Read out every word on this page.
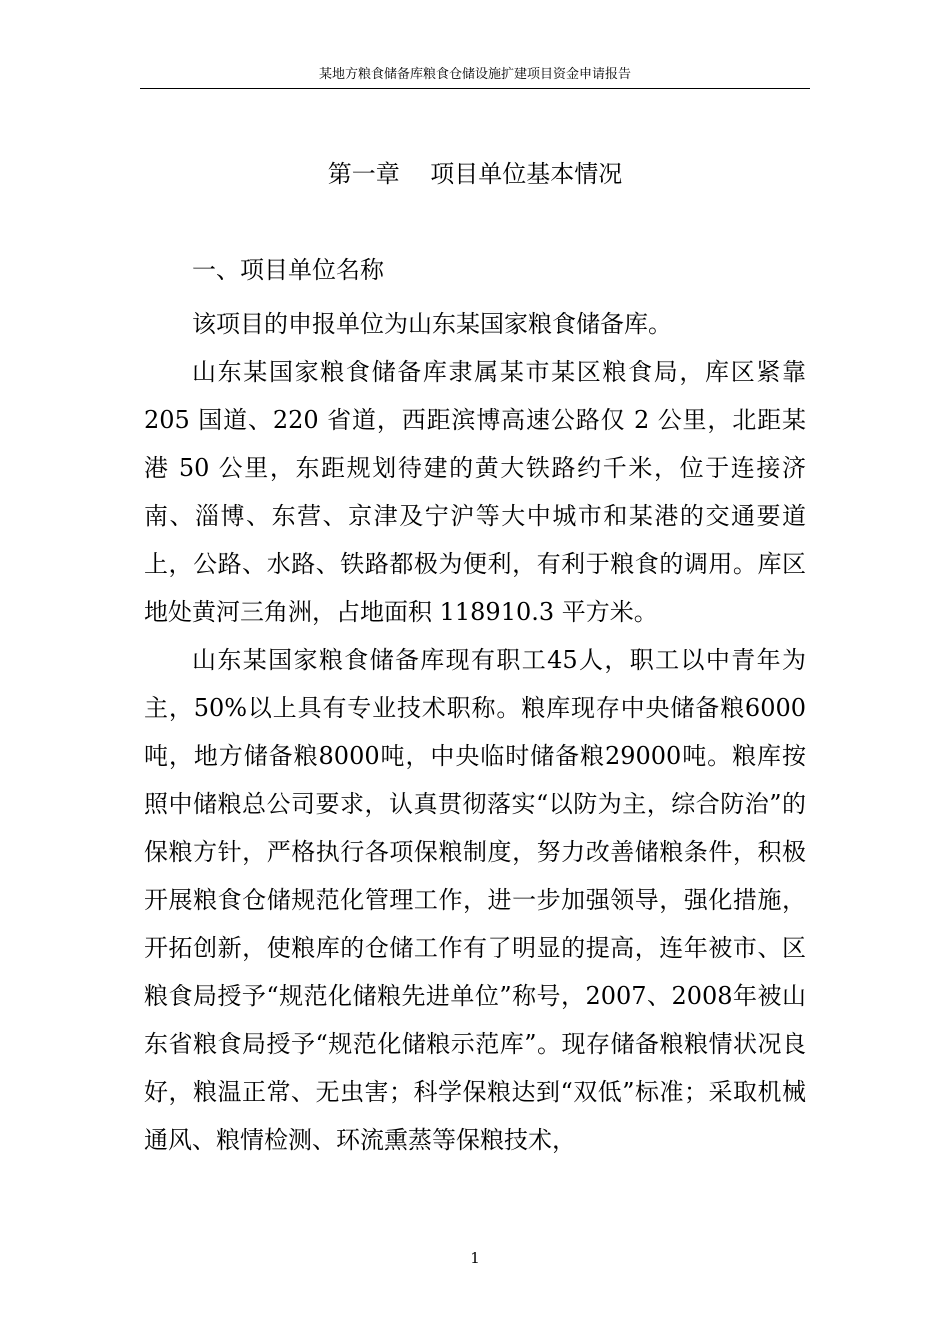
某地方粮食储备库粮食仓储设施扩建项目资金申请报告
第一章    项目单位基本情况
一、项目单位名称

该项目的申报单位为山东某国家粮食储备库。

山东某国家粮食储备库隶属某市某区粮食局，库区紧靠205 国道、220 省道，西距滨博高速公路仅 2 公里，北距某港 50 公里，东距规划待建的黄大铁路约千米，位于连接济南、淄博、东营、京津及宁沪等大中城市和某港的交通要道上，公路、水路、铁路都极为便利，有利于粮食的调用。库区地处黄河三角洲，占地面积 118910.3 平方米。

山东某国家粮食储备库现有职工45人，职工以中青年为主，50%以上具有专业技术职称。粮库现存中央储备粮6000吨，地方储备粮8000吨，中央临时储备粮29000吨。粮库按照中储粮总公司要求，认真贯彻落实“以防为主，综合防治”的保粮方针，严格执行各项保粮制度，努力改善储粮条件，积极开展粮食仓储规范化管理工作，进一步加强领导，强化措施，开拓创新，使粮库的仓储工作有了明显的提高，连年被市、区粮食局授予“规范化储粮先进单位”称号，2007、2008年被山东省粮食局授予“规范化储粮示范库”。现存储备粮粮情状况良好，粮温正常、无虫害；科学保粮达到“双低”标准；采取机械通风、粮情检测、环流熏蒸等保粮技术，

1
